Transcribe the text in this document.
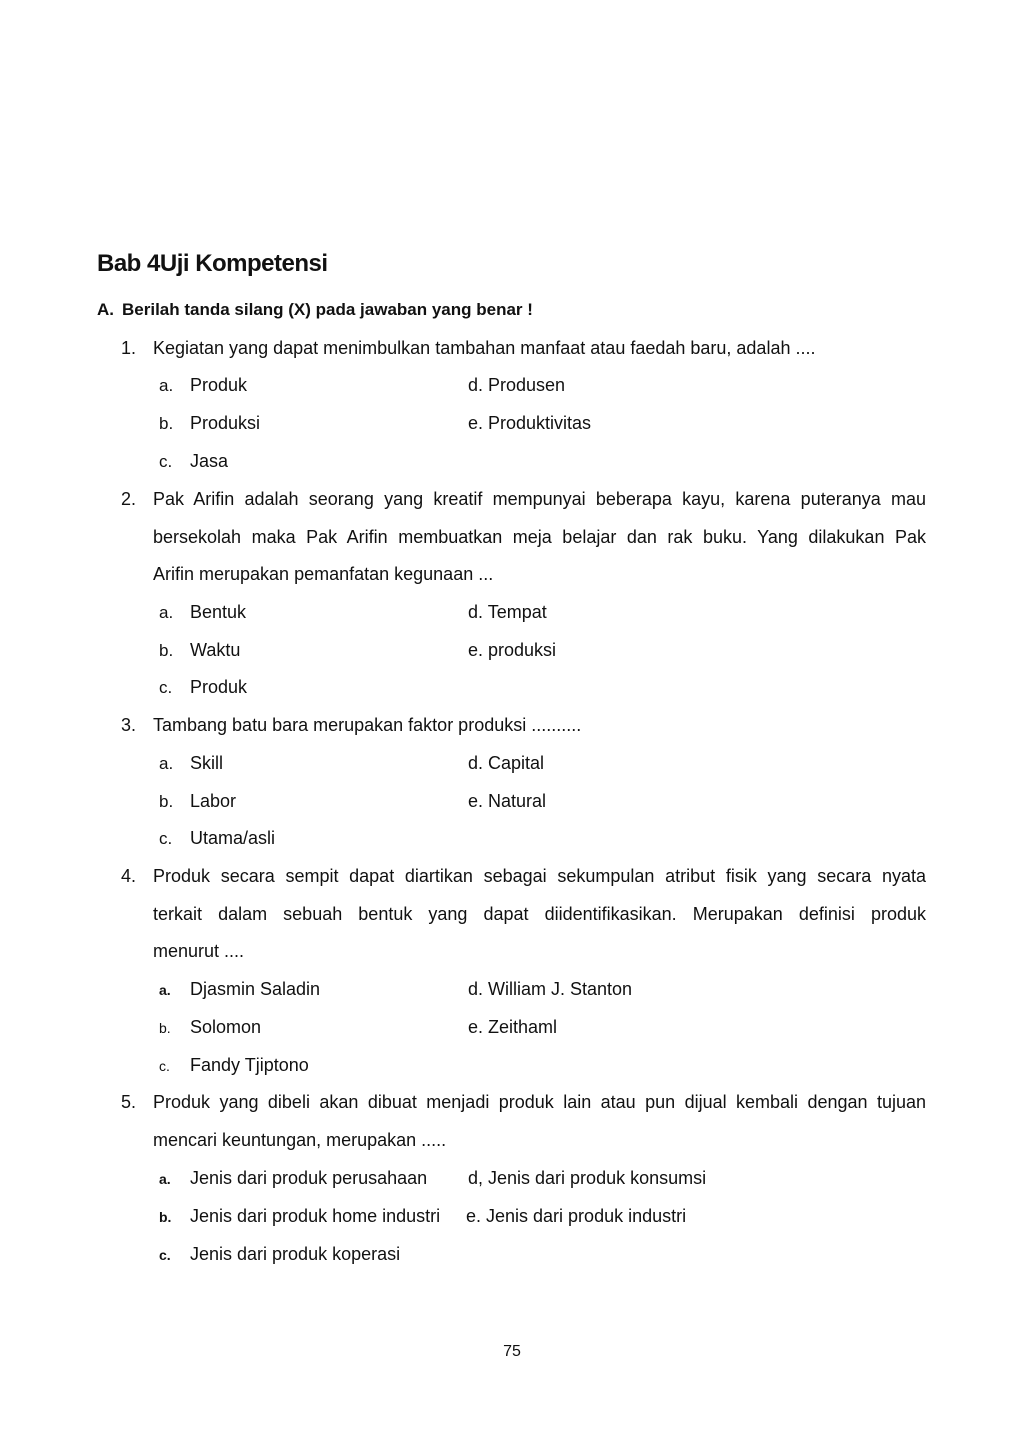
Bab 4Uji Kompetensi
A. Berilah tanda silang (X) pada jawaban yang benar !
1. Kegiatan yang dapat menimbulkan tambahan manfaat atau faedah baru, adalah ....
a. Produk	d. Produsen
b. Produksi	e. Produktivitas
c. Jasa
2. Pak Arifin adalah seorang yang kreatif mempunyai beberapa kayu, karena puteranya mau
bersekolah maka Pak Arifin membuatkan meja belajar dan rak buku. Yang dilakukan Pak
Arifin merupakan pemanfatan kegunaan ...
a. Bentuk	d. Tempat
b. Waktu	e. produksi
c. Produk
3. Tambang batu bara merupakan faktor produksi ..........
a. Skill	d. Capital
b. Labor	e. Natural
c. Utama/asli
4. Produk secara sempit dapat diartikan sebagai sekumpulan atribut fisik yang secara nyata
terkait dalam sebuah bentuk yang dapat diidentifikasikan. Merupakan definisi produk
menurut ....
a. Djasmin Saladin	d. William J. Stanton
b. Solomon	e. Zeithaml
c. Fandy Tjiptono
5. Produk yang dibeli akan dibuat menjadi produk lain atau pun dijual kembali dengan tujuan
mencari keuntungan, merupakan .....
a. Jenis dari produk perusahaan d, Jenis dari produk konsumsi
b. Jenis dari produk home industri e. Jenis dari produk industri
c. Jenis dari produk koperasi
75
